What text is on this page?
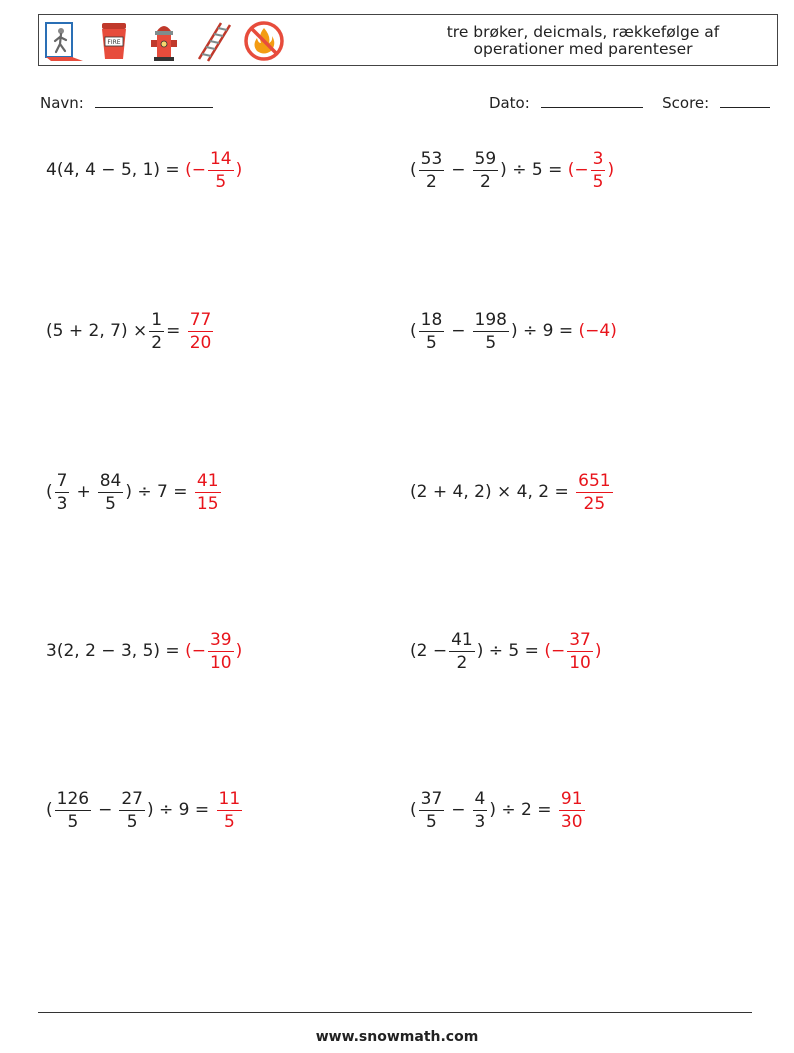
FIRE
tre brøker, deicmals, rækkefølge af
operationer med parenteser
Navn:	Dato:	Score:
4(4, 4 − 5, 1) =
(− $\frac{14}{5}$ )	( $\frac{53}{2} - \frac{59}{2}$ ) ÷ 5 =
(− $\frac{3}{5}$ )
(5 + 2, $7) \times \frac{1}{2}$ =
$\frac{77}{20}$	( $\frac{18}{5} - \frac{198}{5}$ ) ÷ 9 =
(−4)
( $\frac{7}{3} + \frac{84}{5}$ ) ÷ 7 =
$\frac{41}{15}$	(2 + 4, 2) × 4, 2 =
$\frac{651}{25}$
3(2, 2 − 3, 5) =
(− $\frac{39}{10}$ )	($2 - \frac{41}{2}$ ) ÷ 5 =
(− $\frac{37}{10}$ )
( $\frac{126}{5} - \frac{27}{5}$ ) ÷ 9 =
$\frac{11}{5}$	( $\frac{37}{5} - \frac{4}{3}$ ) ÷ 2 =
$\frac{91}{30}$
www.snowmath.com
